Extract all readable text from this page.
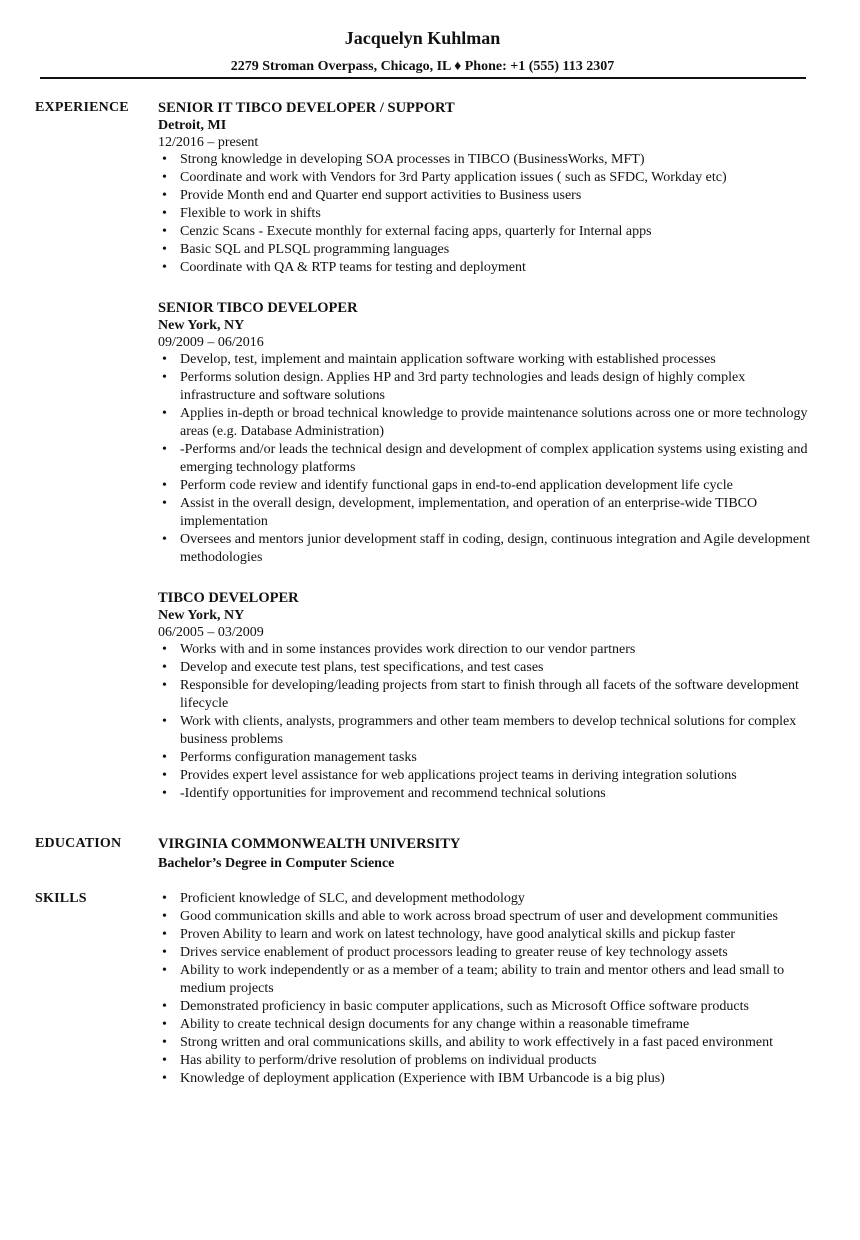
Jacquelyn Kuhlman
2279 Stroman Overpass, Chicago, IL ♦ Phone: +1 (555) 113 2307
EXPERIENCE SENIOR IT TIBCO DEVELOPER / SUPPORT
Detroit, MI
12/2016 – present
• Strong knowledge in developing SOA processes in TIBCO (BusinessWorks, MFT)
• Coordinate and work with Vendors for 3rd Party application issues ( such as SFDC, Workday etc)
• Provide Month end and Quarter end support activities to Business users
• Flexible to work in shifts
• Cenzic Scans - Execute monthly for external facing apps, quarterly for Internal apps
• Basic SQL and PLSQL programming languages
• Coordinate with QA & RTP teams for testing and deployment
SENIOR TIBCO DEVELOPER
New York, NY
09/2009 – 06/2016
• Develop, test, implement and maintain application software working with established processes
• Performs solution design. Applies HP and 3rd party technologies and leads design of highly complex infrastructure and software solutions
• Applies in-depth or broad technical knowledge to provide maintenance solutions across one or more technology areas (e.g. Database Administration)
• -Performs and/or leads the technical design and development of complex application systems using existing and emerging technology platforms
• Perform code review and identify functional gaps in end-to-end application development life cycle
• Assist in the overall design, development, implementation, and operation of an enterprise-wide TIBCO implementation
• Oversees and mentors junior development staff in coding, design, continuous integration and Agile development methodologies
TIBCO DEVELOPER
New York, NY
06/2005 – 03/2009
• Works with and in some instances provides work direction to our vendor partners
• Develop and execute test plans, test specifications, and test cases
• Responsible for developing/leading projects from start to finish through all facets of the software development lifecycle
• Work with clients, analysts, programmers and other team members to develop technical solutions for complex business problems
• Performs configuration management tasks
• Provides expert level assistance for web applications project teams in deriving integration solutions
• -Identify opportunities for improvement and recommend technical solutions
EDUCATION	VIRGINIA COMMONWEALTH UNIVERSITY
Bachelor’s Degree in Computer Science
SKILLS
•	Proficient knowledge of SLC, and development methodology
• Good communication skills and able to work across broad spectrum of user and development communities
• Proven Ability to learn and work on latest technology, have good analytical skills and pickup faster
• Drives service enablement of product processors leading to greater reuse of key technology assets
• Ability to work independently or as a member of a team; ability to train and mentor others and lead small to medium projects
• Demonstrated proficiency in basic computer applications, such as Microsoft Office software products
• Ability to create technical design documents for any change within a reasonable timeframe
• Strong written and oral communications skills, and ability to work effectively in a fast paced environment
• Has ability to perform/drive resolution of problems on individual products
• Knowledge of deployment application (Experience with IBM Urbancode is a big plus)
